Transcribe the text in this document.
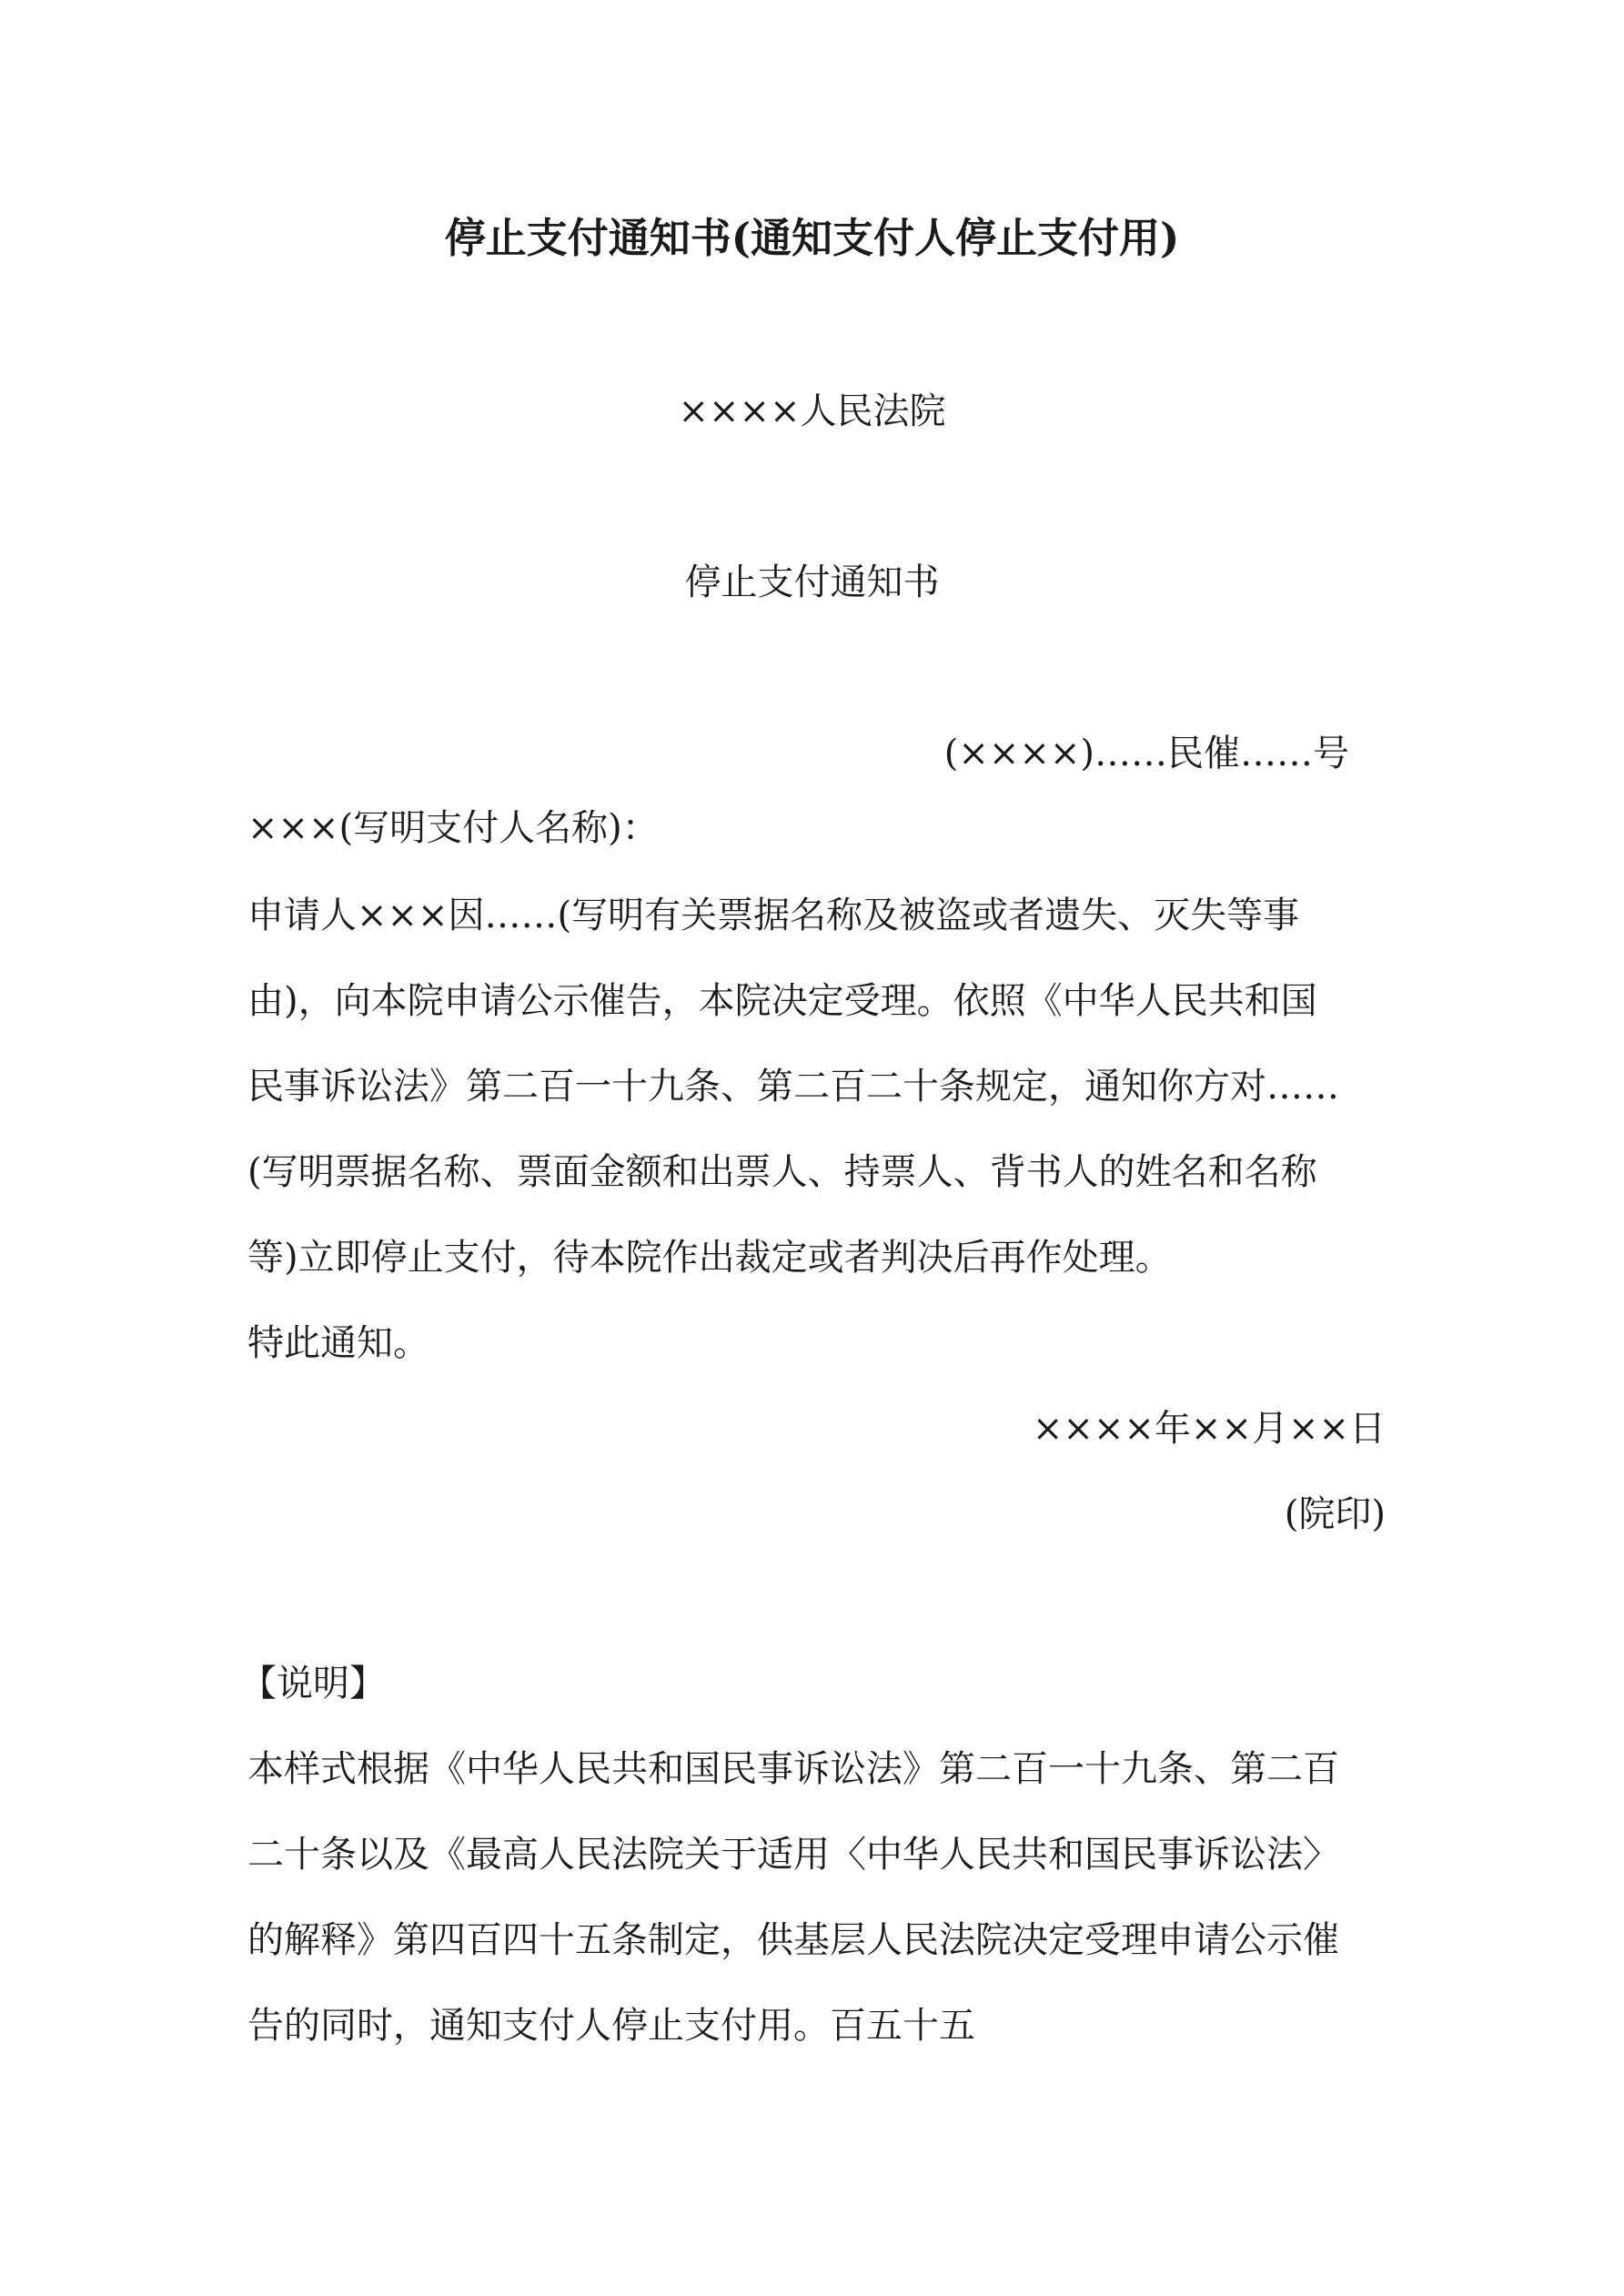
停止支付通知书(通知支付人停止支付用)
××××人民法院
停止支付通知书
(××××)……民催……号
×××(写明支付人名称)：
申请人×××因……(写明有关票据名称及被盗或者遗失、灭失等事
由)，向本院申请公示催告，本院决定受理。依照《中华人民共和国
民事诉讼法》第二百一十九条、第二百二十条规定，通知你方对……
(写明票据名称、票面金额和出票人、持票人、背书人的姓名和名称
等)立即停止支付，待本院作出裁定或者判决后再作处理。
特此通知。
××××年××月××日
(院印)
【说明】
本样式根据《中华人民共和国民事诉讼法》第二百一十九条、第二百
二十条以及《最高人民法院关于适用〈中华人民共和国民事诉讼法〉
的解释》第四百四十五条制定，供基层人民法院决定受理申请公示催
告的同时，通知支付人停止支付用。百五十五
